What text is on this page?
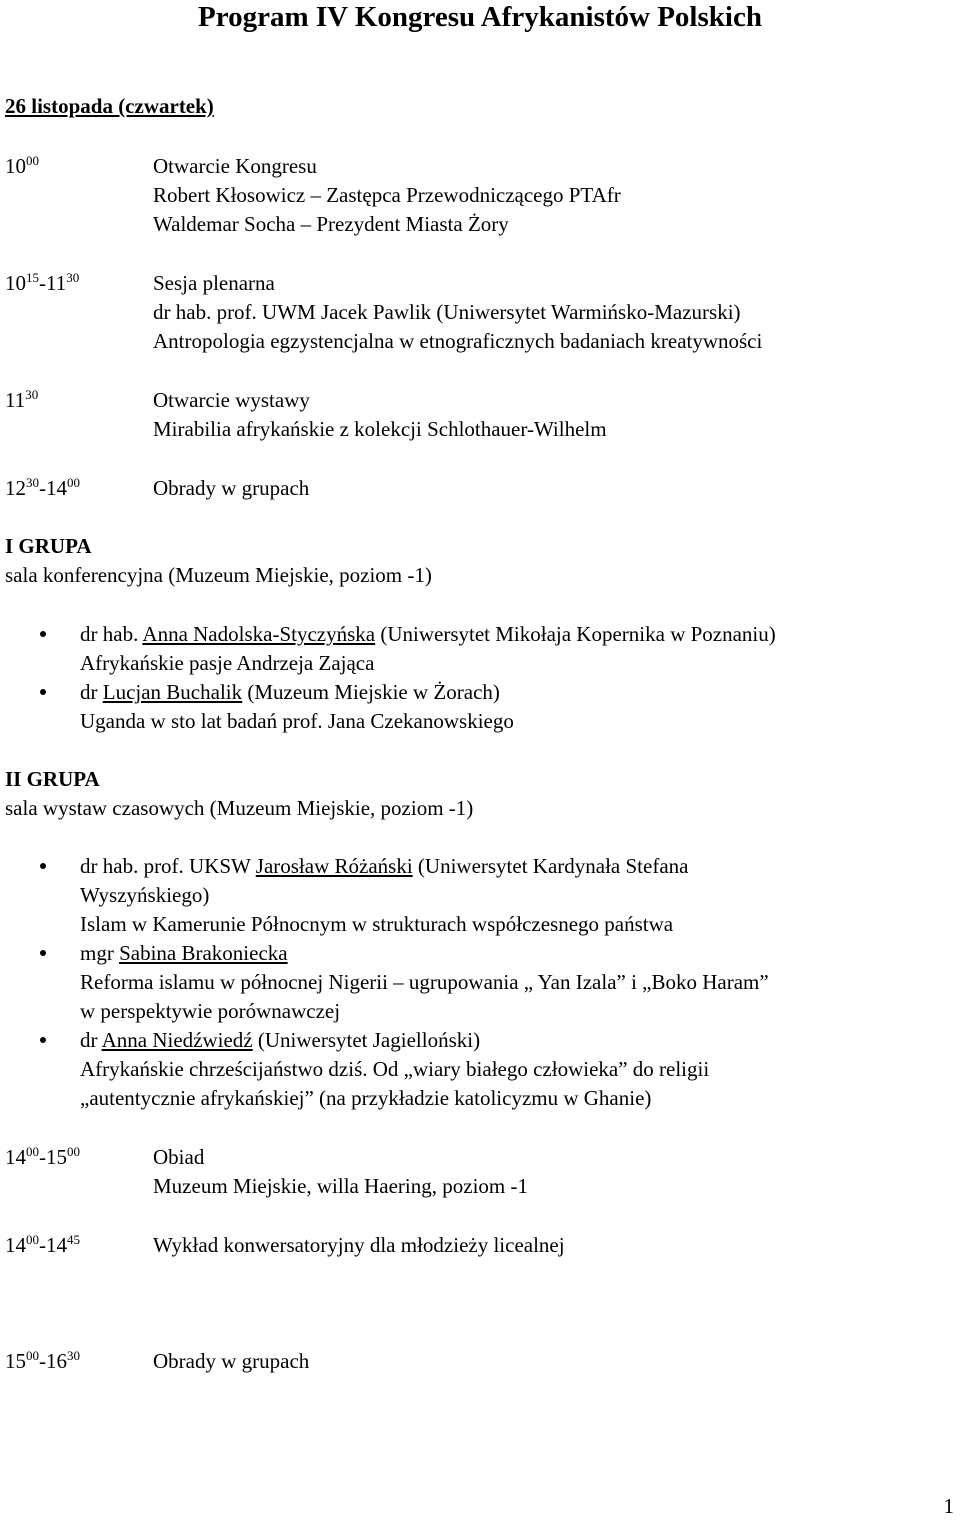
Program IV Kongresu Afrykanistów Polskich
26 listopada (czwartek)
$10^{00}$	Otwarcie Kongresu
Robert Kłosowicz – Zastępca Przewodniczącego PTAfr
Waldemar Socha – Prezydent Miasta Żory
$10^{15}-11^{30}$	Sesja plenarna
dr hab. prof. UWM Jacek Pawlik (Uniwersytet Warmińsko-Mazurski)
Antropologia egzystencjalna w etnograficznych badaniach kreatywności
$11^{30}$	Otwarcie wystawy
Mirabilia afrykańskie z kolekcji Schlothauer-Wilhelm
$12^{30}-14^{00}$	Obrady w grupach
I GRUPA
sala konferencyjna (Muzeum Miejskie, poziom -1)
dr hab. Anna Nadolska-Styczyńska (Uniwersytet Mikołaja Kopernika w Poznaniu)
Afrykańskie pasje Andrzeja Zająca
dr Lucjan Buchalik (Muzeum Miejskie w Żorach)
Uganda w sto lat badań prof. Jana Czekanowskiego
II GRUPA
sala wystaw czasowych (Muzeum Miejskie, poziom -1)
dr hab. prof. UKSW Jarosław Różański (Uniwersytet Kardynała Stefana
Wyszyńskiego)
Islam w Kamerunie Północnym w strukturach współczesnego państwa
mgr Sabina Brakoniecka
Reforma islamu w północnej Nigerii – ugrupowania „ Yan Izala” i „Boko Haram”
w perspektywie porównawczej
dr Anna Niedźwiedź (Uniwersytet Jagielloński)
Afrykańskie chrześcijaństwo dziś. Od „wiary białego człowieka” do religii
„autentycznie afrykańskiej” (na przykładzie katolicyzmu w Ghanie)
$14^{00}-15^{00}$	Obiad
Muzeum Miejskie, willa Haering, poziom -1
$14^{00}-14^{45}$	Wykład konwersatoryjny dla młodzieży licealnej
$15^{00}-16^{30}$	Obrady w grupach
1
